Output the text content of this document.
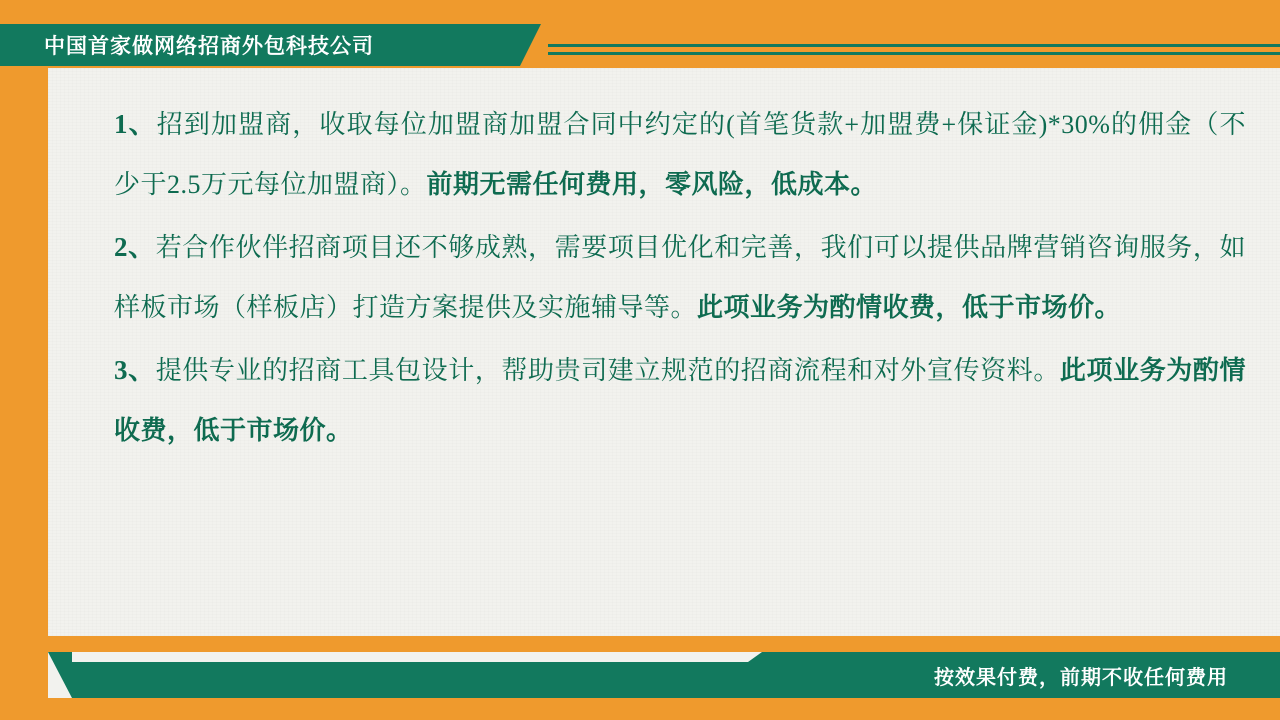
中国首家做网络招商外包科技公司

1、招到加盟商，收取每位加盟商加盟合同中约定的(首笔货款+加盟费+保证金)*30%的佣金（不少于2.5万元每位加盟商）。前期无需任何费用，零风险，低成本。

2、若合作伙伴招商项目还不够成熟，需要项目优化和完善，我们可以提供品牌营销咨询服务，如样板市场（样板店）打造方案提供及实施辅导等。此项业务为酌情收费，低于市场价。

3、提供专业的招商工具包设计，帮助贵司建立规范的招商流程和对外宣传资料。此项业务为酌情收费，低于市场价。

按效果付费，前期不收任何费用
